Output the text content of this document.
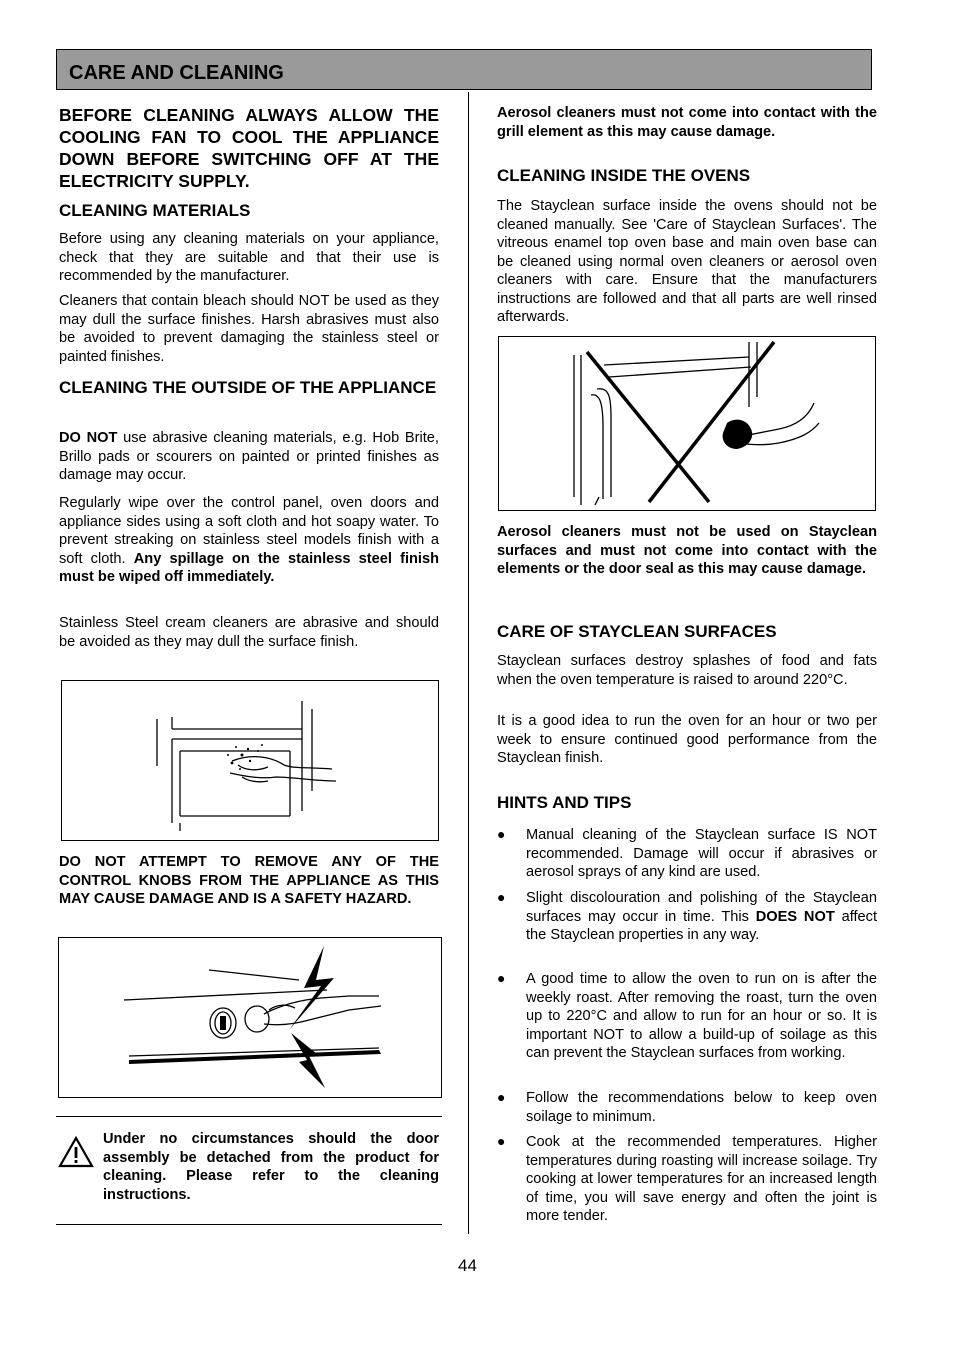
CARE AND CLEANING

BEFORE CLEANING ALWAYS ALLOW THE COOLING FAN TO COOL THE APPLIANCE DOWN BEFORE SWITCHING OFF AT THE ELECTRICITY SUPPLY.

CLEANING MATERIALS

Before using any cleaning materials on your appliance, check that they are suitable and that their use is recommended by the manufacturer.

Cleaners that contain bleach should NOT be used as they may dull the surface finishes. Harsh abrasives must also be avoided to prevent damaging the stainless steel or painted finishes.

CLEANING THE OUTSIDE OF THE APPLIANCE

DO NOT use abrasive cleaning materials, e.g. Hob Brite, Brillo pads or scourers on painted or printed finishes as damage may occur.

Regularly wipe over the control panel, oven doors and appliance sides using a soft cloth and hot soapy water. To prevent streaking on stainless steel models finish with a soft cloth. Any spillage on the stainless steel finish must be wiped off immediately.

Stainless Steel cream cleaners are abrasive and should be avoided as they may dull the surface finish.

DO NOT ATTEMPT TO REMOVE ANY OF THE CONTROL KNOBS FROM THE APPLIANCE AS THIS MAY CAUSE DAMAGE AND IS A SAFETY HAZARD.

Under no circumstances should the door assembly be detached from the product for cleaning. Please refer to the cleaning instructions.

Aerosol cleaners must not come into contact with the grill element as this may cause damage.

CLEANING INSIDE THE OVENS

The Stayclean surface inside the ovens should not be cleaned manually. See 'Care of Stayclean Surfaces'. The vitreous enamel top oven base and main oven base can be cleaned using normal oven cleaners or aerosol oven cleaners with care. Ensure that the manufacturers instructions are followed and that all parts are well rinsed afterwards.

Aerosol cleaners must not be used on Stayclean surfaces and must not come into contact with the elements or the door seal as this may cause damage.

CARE OF STAYCLEAN SURFACES

Stayclean surfaces destroy splashes of food and fats when the oven temperature is raised to around 220°C.

It is a good idea to run the oven for an hour or two per week to ensure continued good performance from the Stayclean finish.

HINTS AND TIPS

● Manual cleaning of the Stayclean surface IS NOT recommended. Damage will occur if abrasives or aerosol sprays of any kind are used.
● Slight discolouration and polishing of the Stayclean surfaces may occur in time. This DOES NOT affect the Stayclean properties in any way.
● A good time to allow the oven to run on is after the weekly roast. After removing the roast, turn the oven up to 220°C and allow to run for an hour or so. It is important NOT to allow a build-up of soilage as this can prevent the Stayclean surfaces from working.
● Follow the recommendations below to keep oven soilage to minimum.
● Cook at the recommended temperatures. Higher temperatures during roasting will increase soilage. Try cooking at lower temperatures for an increased length of time, you will save energy and often the joint is more tender.
44
